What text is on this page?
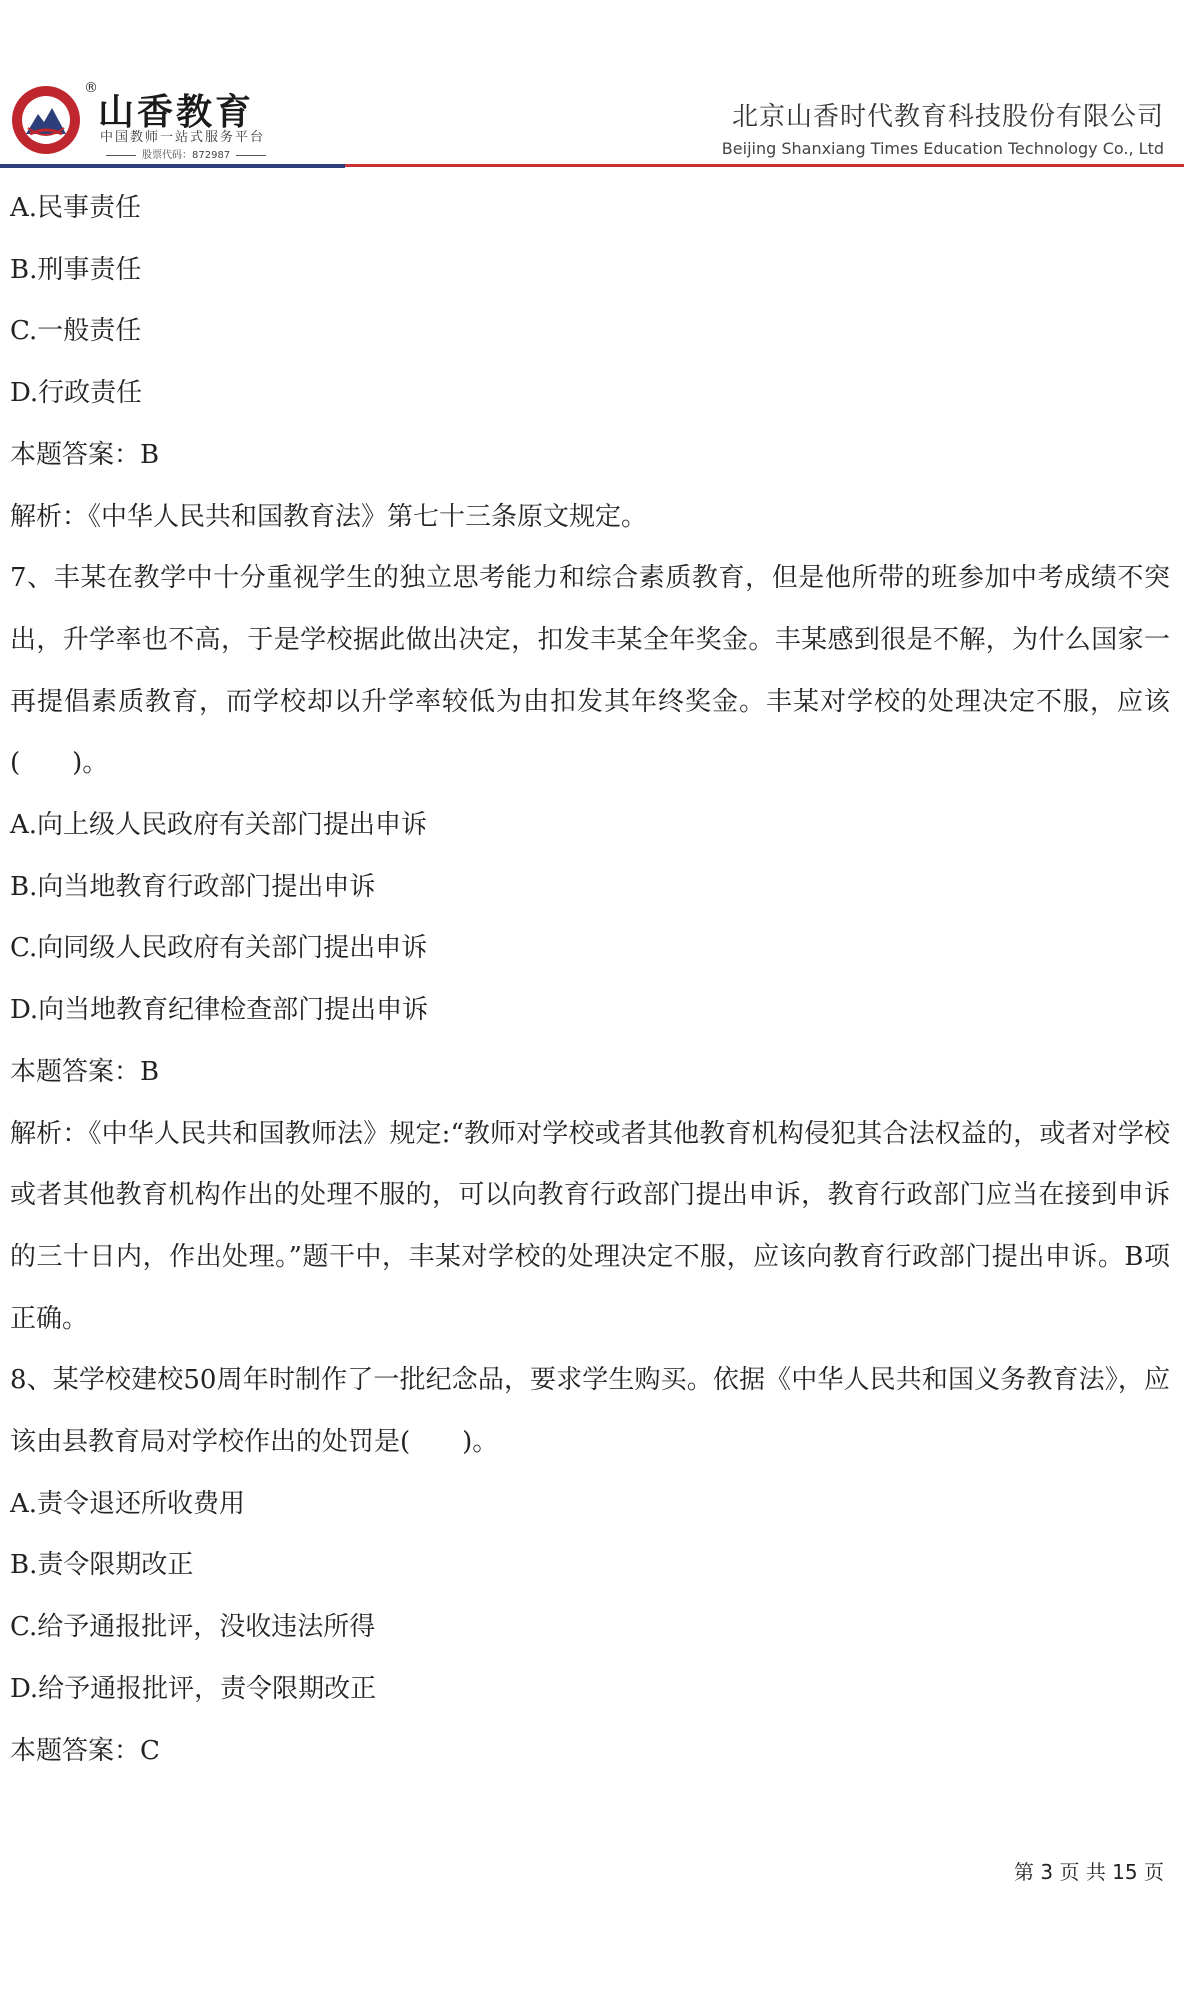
®
山香教育
中国教师一站式服务平台
股票代码：872987
北京山香时代教育科技股份有限公司
Beijing Shanxiang Times Education Technology Co., Ltd
A.民事责任
B.刑事责任
C.一般责任
D.行政责任
本题答案：B
解析：《中华人民共和国教育法》第七十三条原文规定。
7、丰某在教学中十分重视学生的独立思考能力和综合素质教育，但是他所带的班参加中考成绩不突出，升学率也不高，于是学校据此做出决定，扣发丰某全年奖金。丰某感到很是不解，为什么国家一再提倡素质教育，而学校却以升学率较低为由扣发其年终奖金。丰某对学校的处理决定不服，应该(　　)。
A.向上级人民政府有关部门提出申诉
B.向当地教育行政部门提出申诉
C.向同级人民政府有关部门提出申诉
D.向当地教育纪律检查部门提出申诉
本题答案：B
解析：《中华人民共和国教师法》规定:“教师对学校或者其他教育机构侵犯其合法权益的，或者对学校或者其他教育机构作出的处理不服的，可以向教育行政部门提出申诉，教育行政部门应当在接到申诉的三十日内，作出处理。”题干中，丰某对学校的处理决定不服，应该向教育行政部门提出申诉。B项正确。
8、某学校建校50周年时制作了一批纪念品，要求学生购买。依据《中华人民共和国义务教育法》，应该由县教育局对学校作出的处罚是(　　)。
A.责令退还所收费用
B.责令限期改正
C.给予通报批评，没收违法所得
D.给予通报批评，责令限期改正
本题答案：C
第 3 页 共 15 页
